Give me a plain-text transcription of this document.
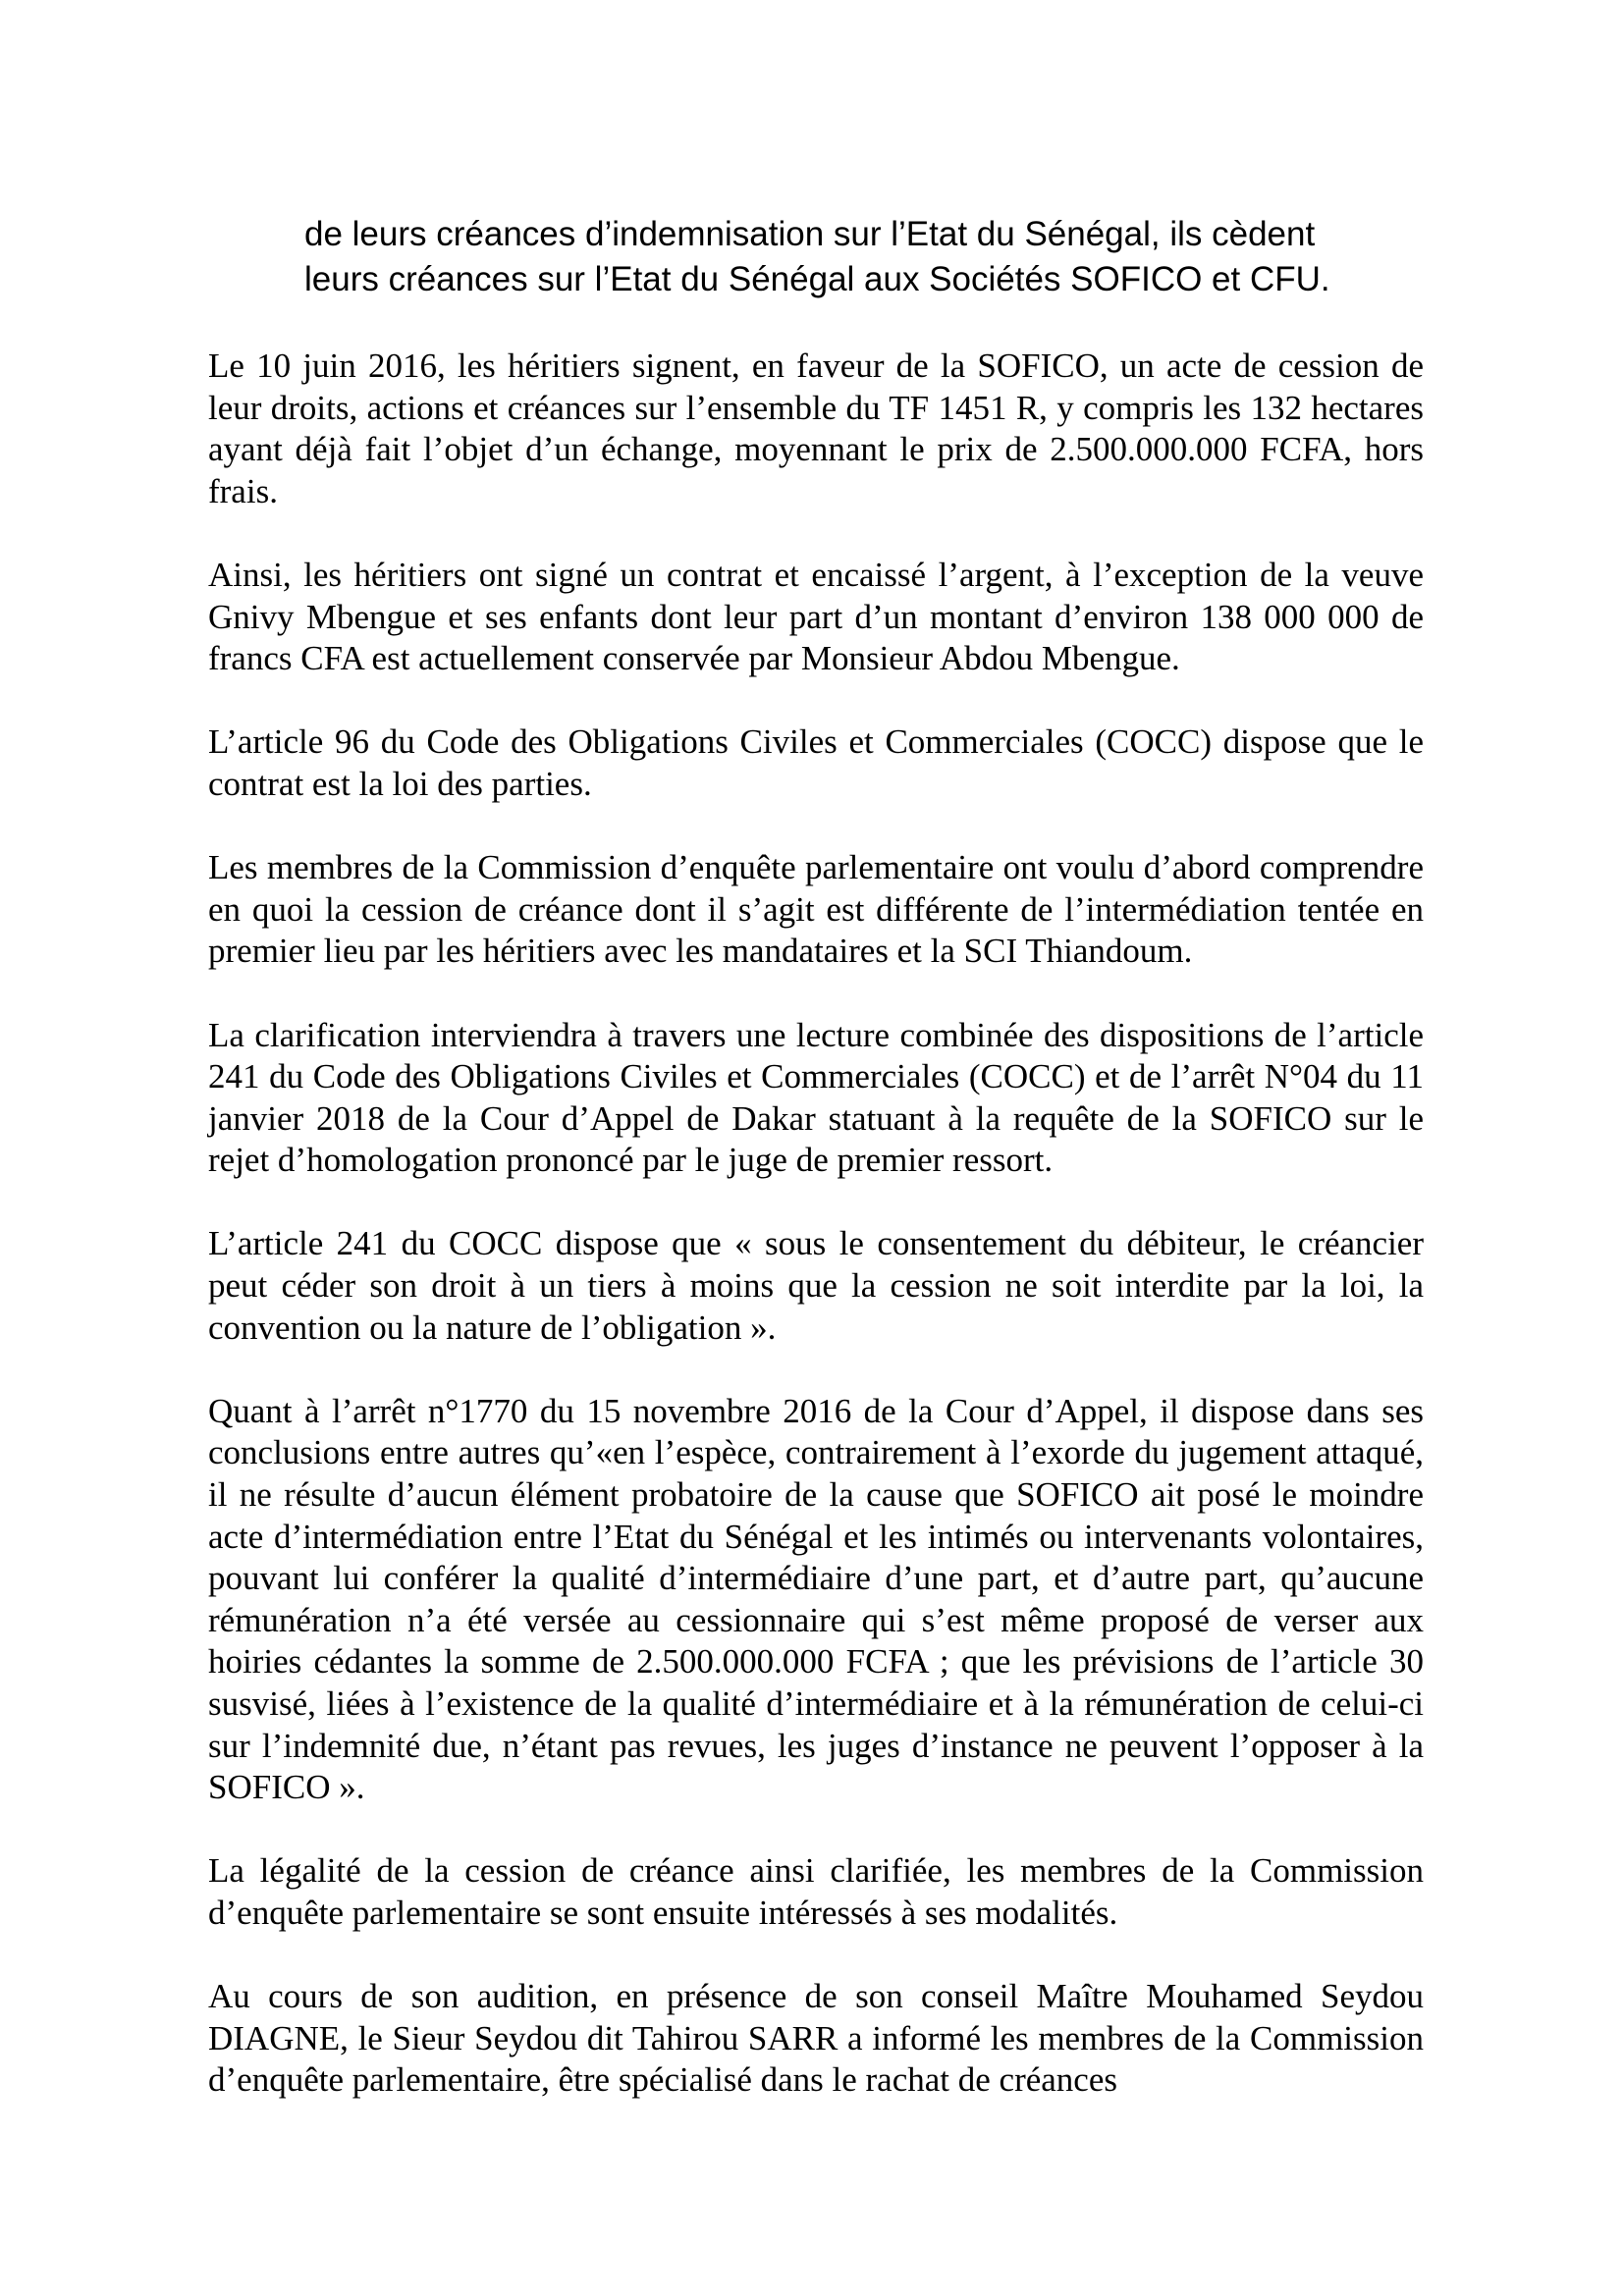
de leurs créances d’indemnisation sur l’Etat du Sénégal, ils cèdent
leurs créances sur l’Etat du Sénégal aux Sociétés SOFICO et CFU.

Le 10 juin 2016, les héritiers signent, en faveur de la SOFICO, un acte de cession de leur droits, actions et créances sur l’ensemble du TF 1451 R, y compris les 132 hectares ayant déjà fait l’objet d’un échange, moyennant le prix de 2.500.000.000 FCFA, hors frais.

Ainsi, les héritiers ont signé un contrat et encaissé l’argent, à l’exception de la veuve Gnivy Mbengue et ses enfants dont leur part d’un montant d’environ 138 000 000 de francs CFA est actuellement conservée par Monsieur Abdou Mbengue.

L’article 96 du Code des Obligations Civiles et Commerciales (COCC) dispose que le contrat est la loi des parties.

Les membres de la Commission d’enquête parlementaire ont voulu d’abord comprendre en quoi la cession de créance dont il s’agit est différente de l’intermédiation tentée en premier lieu par les héritiers avec les mandataires et la SCI Thiandoum.

La clarification interviendra à travers une lecture combinée des dispositions de l’article 241 du Code des Obligations Civiles et Commerciales (COCC) et de l’arrêt N°04 du 11 janvier 2018 de la Cour d’Appel de Dakar statuant à la requête de la SOFICO sur le rejet d’homologation prononcé par le juge de premier ressort.

L’article 241 du COCC dispose que « sous le consentement du débiteur, le créancier peut céder son droit à un tiers à moins que la cession ne soit interdite par la loi, la convention ou la nature de l’obligation ».

Quant à l’arrêt n°1770 du 15 novembre 2016 de la Cour d’Appel, il dispose dans ses conclusions entre autres qu’«en l’espèce, contrairement à l’exorde du jugement attaqué, il ne résulte d’aucun élément probatoire de la cause que SOFICO ait posé le moindre acte d’intermédiation entre l’Etat du Sénégal et les intimés ou intervenants volontaires, pouvant lui conférer la qualité d’intermédiaire d’une part, et d’autre part, qu’aucune rémunération n’a été versée au cessionnaire qui s’est même proposé de verser aux hoiries cédantes la somme de 2.500.000.000 FCFA ; que les prévisions de l’article 30 susvisé, liées à l’existence de la qualité d’intermédiaire et à la rémunération de celui-ci sur l’indemnité due, n’étant pas revues, les juges d’instance ne peuvent l’opposer à la SOFICO ».

La légalité de la cession de créance ainsi clarifiée, les membres de la Commission d’enquête parlementaire se sont ensuite intéressés à ses modalités.

Au cours de son audition, en présence de son conseil Maître Mouhamed Seydou DIAGNE, le Sieur Seydou dit Tahirou SARR a informé les membres de la Commission d’enquête parlementaire, être spécialisé dans le rachat de créances
